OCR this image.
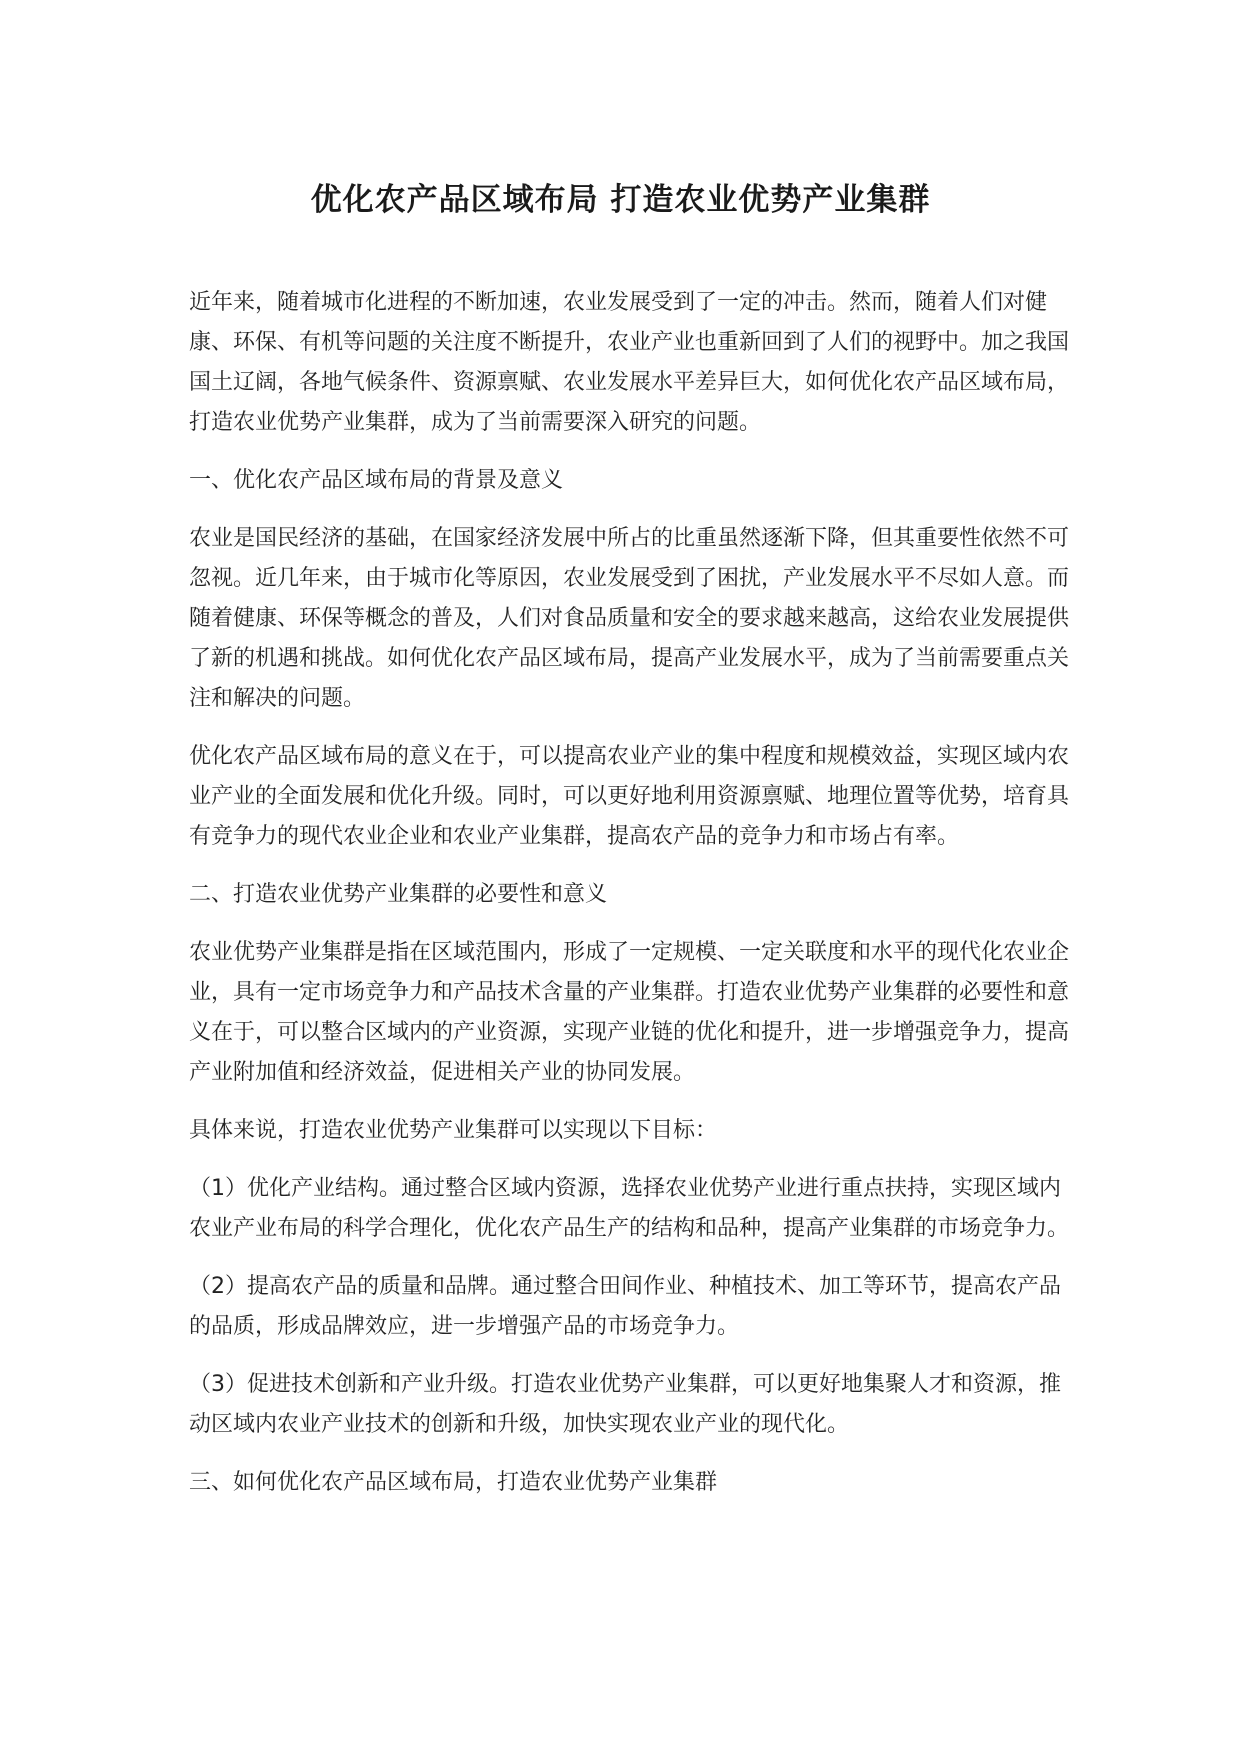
优化农产品区域布局 打造农业优势产业集群

近年来，随着城市化进程的不断加速，农业发展受到了一定的冲击。然而，随着人们对健康、环保、有机等问题的关注度不断提升，农业产业也重新回到了人们的视野中。加之我国国土辽阔，各地气候条件、资源禀赋、农业发展水平差异巨大，如何优化农产品区域布局，打造农业优势产业集群，成为了当前需要深入研究的问题。

一、优化农产品区域布局的背景及意义

农业是国民经济的基础，在国家经济发展中所占的比重虽然逐渐下降，但其重要性依然不可忽视。近几年来，由于城市化等原因，农业发展受到了困扰，产业发展水平不尽如人意。而随着健康、环保等概念的普及，人们对食品质量和安全的要求越来越高，这给农业发展提供了新的机遇和挑战。如何优化农产品区域布局，提高产业发展水平，成为了当前需要重点关注和解决的问题。

优化农产品区域布局的意义在于，可以提高农业产业的集中程度和规模效益，实现区域内农业产业的全面发展和优化升级。同时，可以更好地利用资源禀赋、地理位置等优势，培育具有竞争力的现代农业企业和农业产业集群，提高农产品的竞争力和市场占有率。

二、打造农业优势产业集群的必要性和意义

农业优势产业集群是指在区域范围内，形成了一定规模、一定关联度和水平的现代化农业企业，具有一定市场竞争力和产品技术含量的产业集群。打造农业优势产业集群的必要性和意义在于，可以整合区域内的产业资源，实现产业链的优化和提升，进一步增强竞争力，提高产业附加值和经济效益，促进相关产业的协同发展。

具体来说，打造农业优势产业集群可以实现以下目标：

（1）优化产业结构。通过整合区域内资源，选择农业优势产业进行重点扶持，实现区域内农业产业布局的科学合理化，优化农产品生产的结构和品种，提高产业集群的市场竞争力。

（2）提高农产品的质量和品牌。通过整合田间作业、种植技术、加工等环节，提高农产品的品质，形成品牌效应，进一步增强产品的市场竞争力。

（3）促进技术创新和产业升级。打造农业优势产业集群，可以更好地集聚人才和资源，推动区域内农业产业技术的创新和升级，加快实现农业产业的现代化。

三、如何优化农产品区域布局，打造农业优势产业集群
